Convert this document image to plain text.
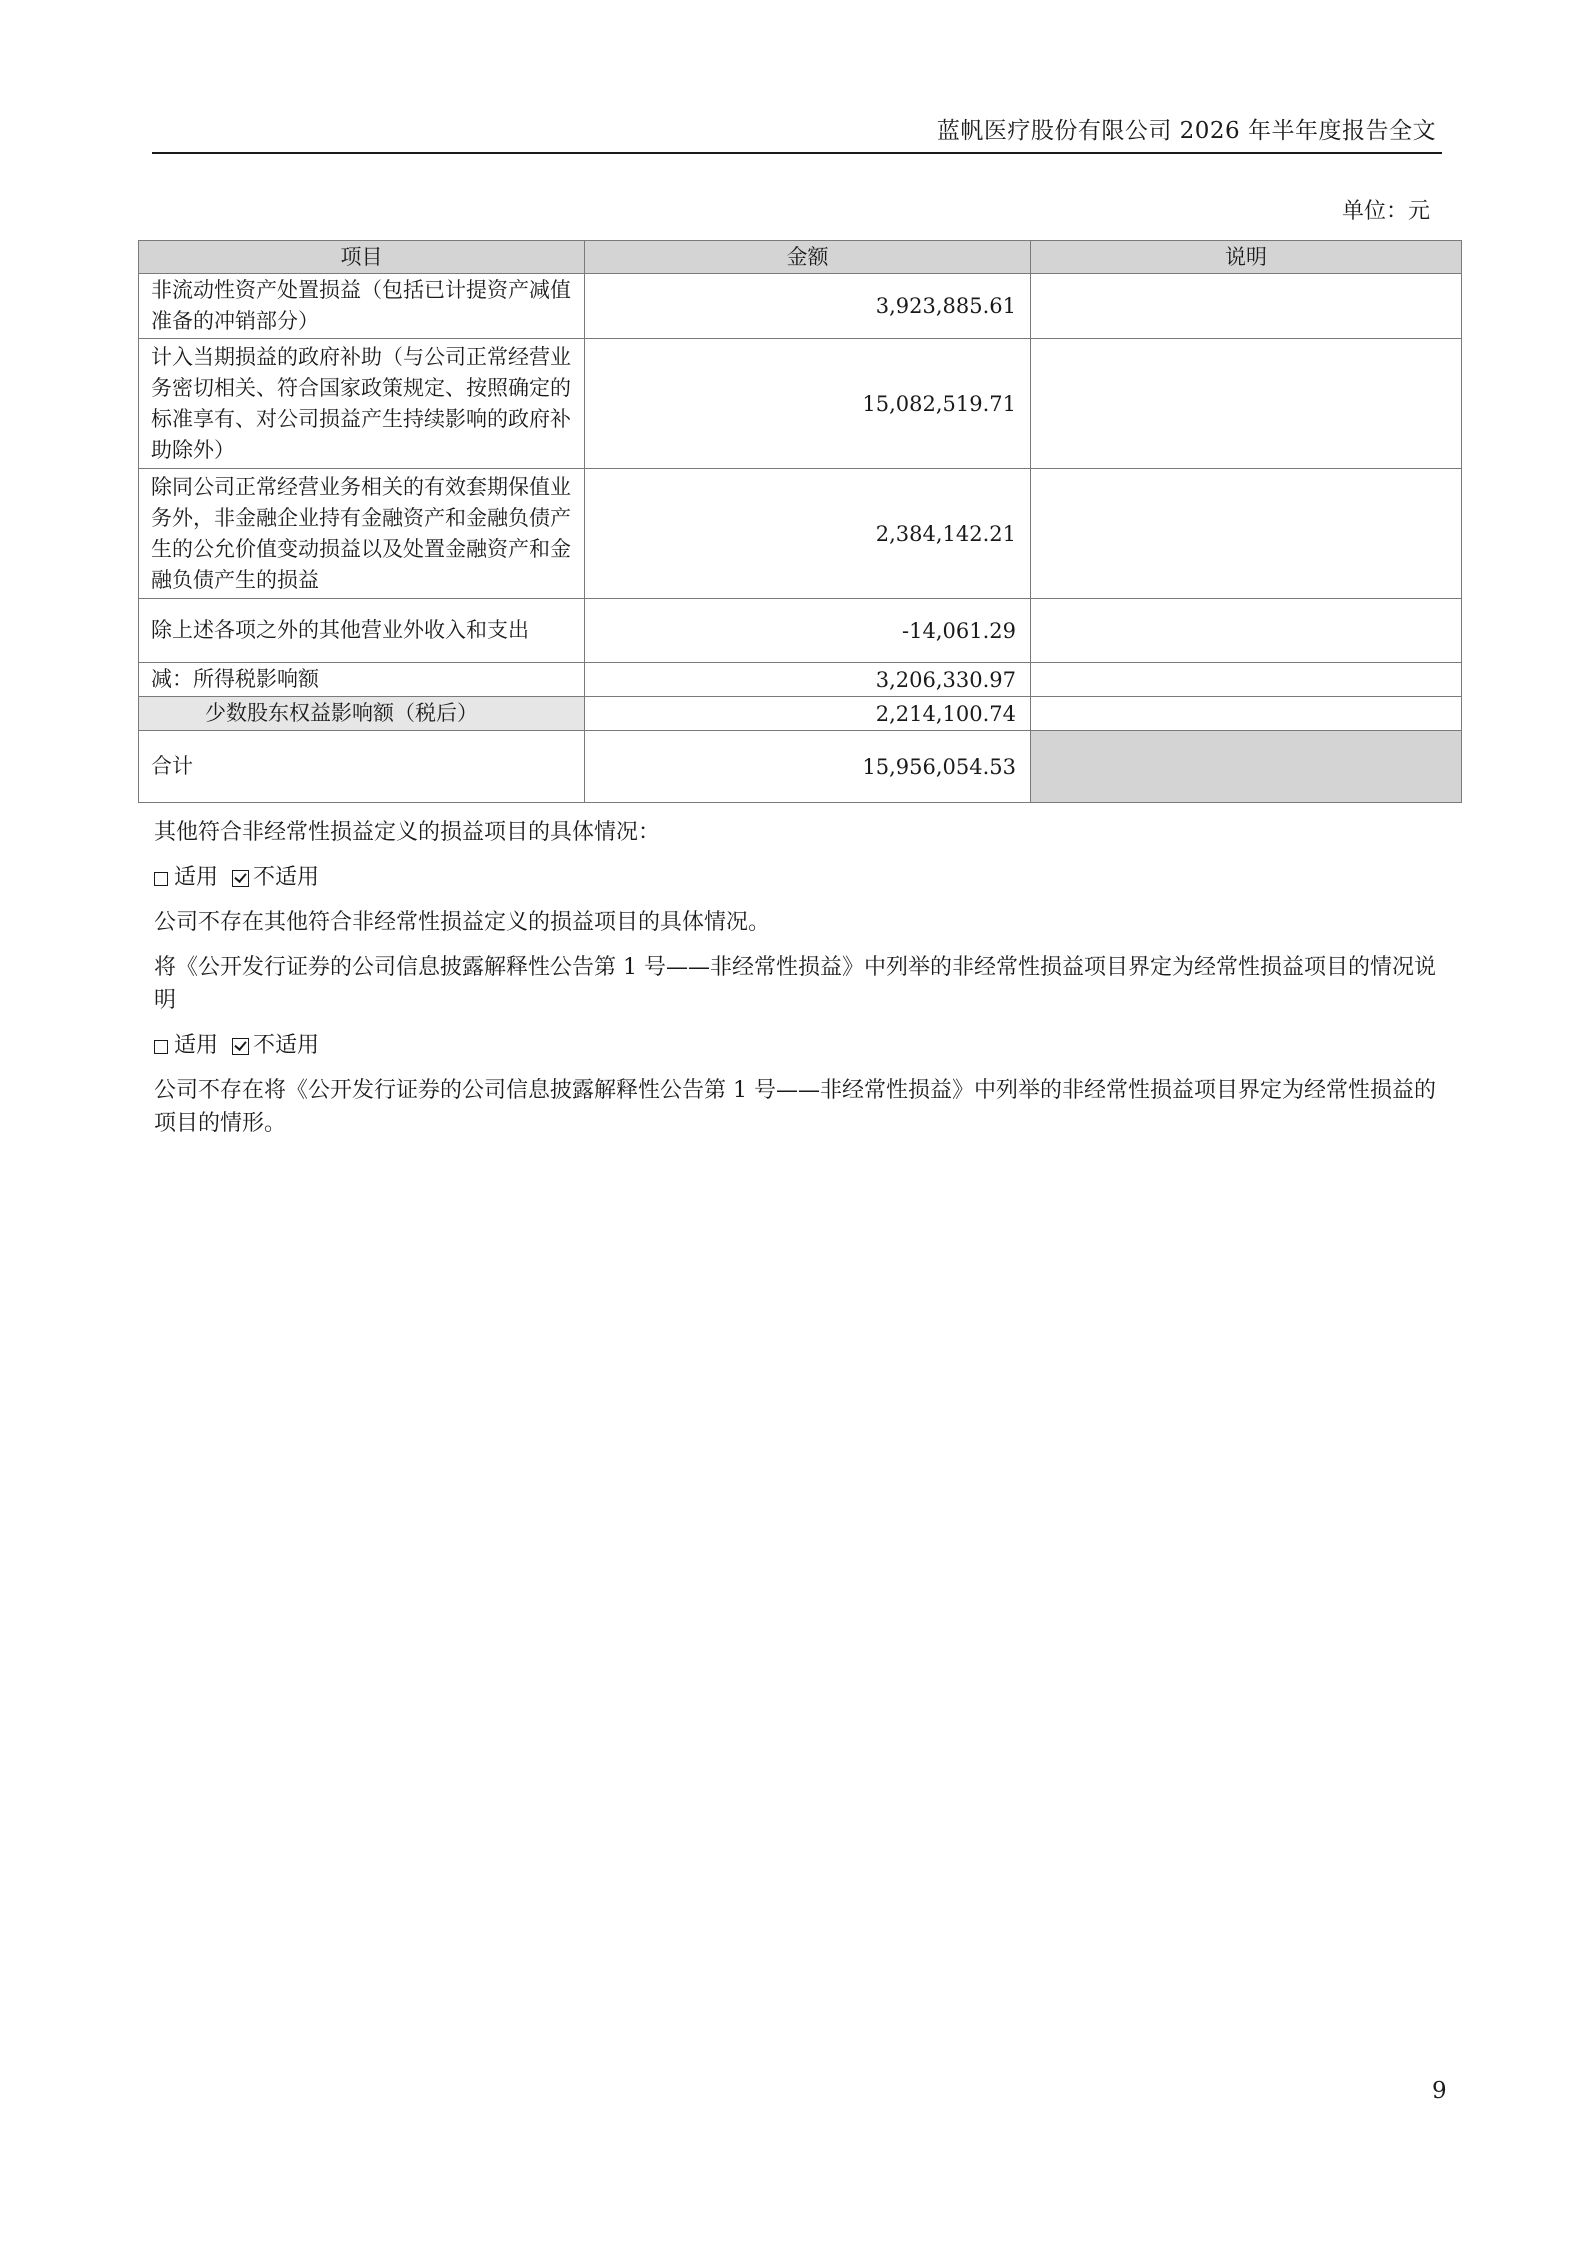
蓝帆医疗股份有限公司 2026 年半年度报告全文
单位：元
项目	金额	说明
非流动性资产处置损益（包括已计提资产减值准备的冲销部分）	3,923,885.61	
计入当期损益的政府补助（与公司正常经营业务密切相关、符合国家政策规定、按照确定的标准享有、对公司损益产生持续影响的政府补助除外）	15,082,519.71	
除同公司正常经营业务相关的有效套期保值业务外，非金融企业持有金融资产和金融负债产生的公允价值变动损益以及处置金融资产和金融负债产生的损益	2,384,142.21	
除上述各项之外的其他营业外收入和支出	-14,061.29	
减：所得税影响额	3,206,330.97	
少数股东权益影响额（税后）	2,214,100.74	
合计	15,956,054.53	

其他符合非经常性损益定义的损益项目的具体情况：

适用 不适用

公司不存在其他符合非经常性损益定义的损益项目的具体情况。

将《公开发行证券的公司信息披露解释性公告第 1 号——非经常性损益》中列举的非经常性损益项目界定为经常性损益项目的情况说明

适用 不适用

公司不存在将《公开发行证券的公司信息披露解释性公告第 1 号——非经常性损益》中列举的非经常性损益项目界定为经常性损益的项目的情形。

9
